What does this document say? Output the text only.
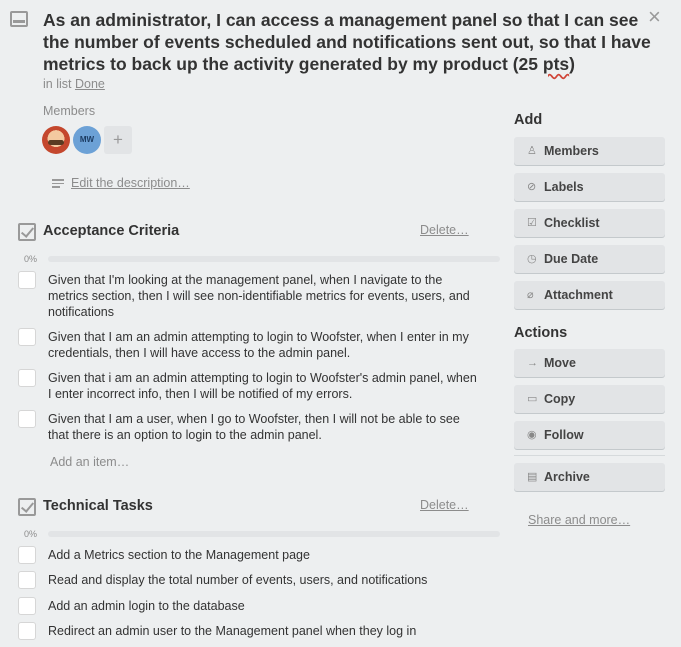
×
As an administrator, I can access a management panel so that I can see the number of events scheduled and notifications sent out, so that I have metrics to back up the activity generated by my product (25 pts)
in list Done
Members
MW	+
Edit the description…
Acceptance Criteria	Delete…
0%
Given that I'm looking at the management panel, when I navigate to the metrics section, then I will see non-identifiable metrics for events, users, and notifications
Given that I am an admin attempting to login to Woofster, when I enter in my credentials, then I will have access to the admin panel.
Given that i am an admin attempting to login to Woofster's admin panel, when I enter incorrect info, then I will be notified of my errors.
Given that I am a user, when I go to Woofster, then I will not be able to see that there is an option to login to the admin panel.
Add an item…
Technical Tasks	Delete…
0%
Add a Metrics section to the Management page
Read and display the total number of events, users, and notifications
Add an admin login to the database
Redirect an admin user to the Management panel when they log in
Add
♙ Members
⊘ Labels
☑ Checklist
◷ Due Date
⌀ Attachment
Actions
→ Move
▭ Copy
◉ Follow
▤ Archive
Share and more…
